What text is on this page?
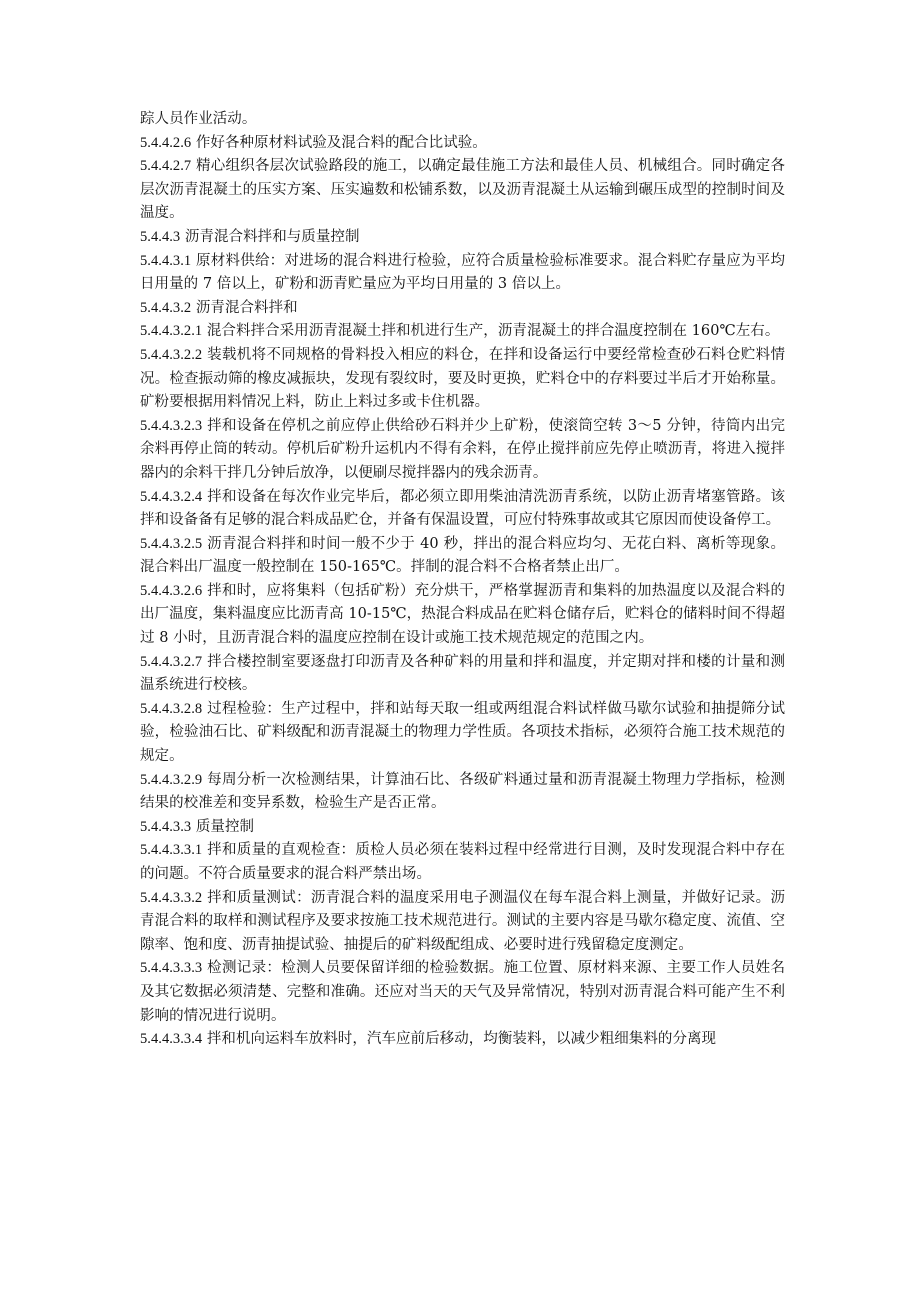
踪人员作业活动。

5.4.4.2.6 作好各种原材料试验及混合料的配合比试验。

5.4.4.2.7 精心组织各层次试验路段的施工，以确定最佳施工方法和最佳人员、机械组合。同时确定各层次沥青混凝土的压实方案、压实遍数和松铺系数，以及沥青混凝土从运输到碾压成型的控制时间及温度。

5.4.4.3 沥青混合料拌和与质量控制

5.4.4.3.1 原材料供给：对进场的混合料进行检验，应符合质量检验标准要求。混合料贮存量应为平均日用量的 7 倍以上，矿粉和沥青贮量应为平均日用量的 3 倍以上。

5.4.4.3.2 沥青混合料拌和

5.4.4.3.2.1 混合料拌合采用沥青混凝土拌和机进行生产，沥青混凝土的拌合温度控制在 160℃左右。

5.4.4.3.2.2 装载机将不同规格的骨料投入相应的料仓，在拌和设备运行中要经常检查砂石料仓贮料情况。检查振动筛的橡皮减振块，发现有裂纹时，要及时更换，贮料仓中的存料要过半后才开始称量。矿粉要根据用料情况上料，防止上料过多或卡住机器。

5.4.4.3.2.3 拌和设备在停机之前应停止供给砂石料并少上矿粉，使滚筒空转 3～5 分钟，待筒内出完余料再停止筒的转动。停机后矿粉升运机内不得有余料，在停止搅拌前应先停止喷沥青，将进入搅拌器内的余料干拌几分钟后放净，以便刷尽搅拌器内的残余沥青。

5.4.4.3.2.4 拌和设备在每次作业完毕后，都必须立即用柴油清洗沥青系统，以防止沥青堵塞管路。该拌和设备备有足够的混合料成品贮仓，并备有保温设置，可应付特殊事故或其它原因而使设备停工。

5.4.4.3.2.5 沥青混合料拌和时间一般不少于 40 秒，拌出的混合料应均匀、无花白料、离析等现象。混合料出厂温度一般控制在 150-165℃。拌制的混合料不合格者禁止出厂。

5.4.4.3.2.6 拌和时，应将集料（包括矿粉）充分烘干，严格掌握沥青和集料的加热温度以及混合料的出厂温度，集料温度应比沥青高 10-15℃，热混合料成品在贮料仓储存后，贮料仓的储料时间不得超过 8 小时，且沥青混合料的温度应控制在设计或施工技术规范规定的范围之内。

5.4.4.3.2.7 拌合楼控制室要逐盘打印沥青及各种矿料的用量和拌和温度，并定期对拌和楼的计量和测温系统进行校核。

5.4.4.3.2.8 过程检验：生产过程中，拌和站每天取一组或两组混合料试样做马歇尔试验和抽提筛分试验，检验油石比、矿料级配和沥青混凝土的物理力学性质。各项技术指标，必须符合施工技术规范的规定。

5.4.4.3.2.9 每周分析一次检测结果，计算油石比、各级矿料通过量和沥青混凝土物理力学指标，检测结果的校准差和变异系数，检验生产是否正常。

5.4.4.3.3 质量控制

5.4.4.3.3.1 拌和质量的直观检查：质检人员必须在装料过程中经常进行目测，及时发现混合料中存在的问题。不符合质量要求的混合料严禁出场。

5.4.4.3.3.2 拌和质量测试：沥青混合料的温度采用电子测温仪在每车混合料上测量，并做好记录。沥青混合料的取样和测试程序及要求按施工技术规范进行。测试的主要内容是马歇尔稳定度、流值、空隙率、饱和度、沥青抽提试验、抽提后的矿料级配组成、必要时进行残留稳定度测定。

5.4.4.3.3.3 检测记录：检测人员要保留详细的检验数据。施工位置、原材料来源、主要工作人员姓名及其它数据必须清楚、完整和准确。还应对当天的天气及异常情况，特别对沥青混合料可能产生不利影响的情况进行说明。

5.4.4.3.3.4 拌和机向运料车放料时，汽车应前后移动，均衡装料，以减少粗细集料的分离现
